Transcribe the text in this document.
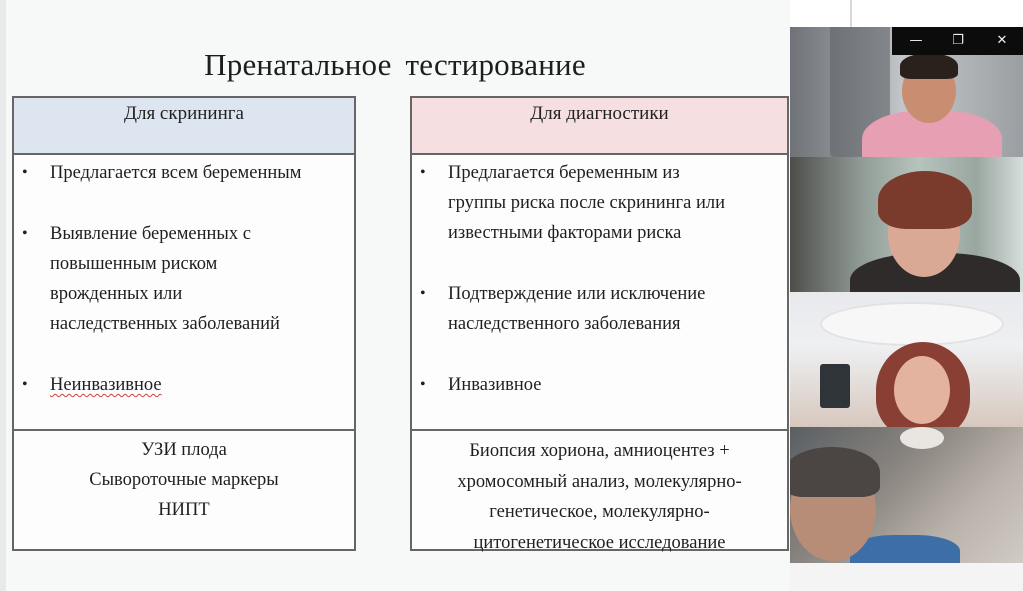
Пренатальное тестирование
Для скрининга
•	Предлагается всем беременным
•	Выявление беременных с
повышенным риском
врожденных или
наследственных заболеваний
•	Неинвазивное
УЗИ плода
Сывороточные маркеры
НИПТ
Для диагностики
•	Предлагается беременным из
группы риска после скрининга или
известными факторами риска
•	Подтверждение или исключение
наследственного заболевания
•	Инвазивное
Биопсия хориона, амниоцентез +
хромосомный анализ, молекулярно-
генетическое, молекулярно-
цитогенетическое исследование
—	❐	✕
